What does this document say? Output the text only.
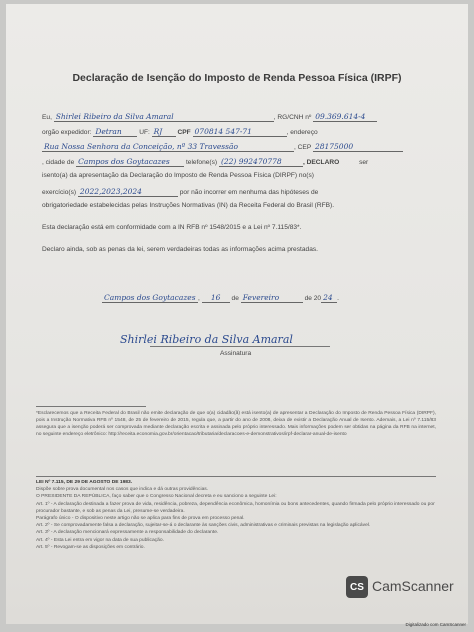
Declaração de Isenção do Imposto de Renda Pessoa Física (IRPF)
Eu, Shirlei Ribeiro da Silva Amaral	, RG/CNH nº 09.369.614-4
orgão expedidor: Detran	UF: RJ CPF 070814 547-71	, endereço
Rua Nossa Senhora da Conceição, nº 33 Travessão	, CEP 28175000
, cidade de Campos dos Goytacazes telefone(s) (22) 992470778	, DECLARO	ser
isento(a) da apresentação da Declaração do Imposto de Renda Pessoa Física (DIRPF) no(s)
exercício(s) 2022,2023,2024	por não incorrer em nenhuma das hipóteses de
obrigatoriedade estabelecidas pelas Instruções Normativas (IN) da Receita Federal do Brasil (RFB).
Esta declaração está em conformidade com a IN RFB nº 1548/2015 e a Lei nº 7.115/83*.
Declaro ainda, sob as penas da lei, serem verdadeiras todas as informações acima prestadas.
Campos dos Goytacazes , 16 de Fevereiro	de 20 24 .
Shirlei Ribeiro da Silva Amaral
Assinatura
*Esclarecemos que a Receita Federal do Brasil não emite declaração de que o(a) cidadão(ã) está isento(a) de apresentar a Declaração do Imposto de Renda Pessoa Física (DIRPF), pois a Instrução Normativa RFB nº 1548, de 25 de fevereiro de 2015, regula que, a partir do ano de 2008, deixa de existir a Declaração Anual de Isento. Ademais, a Lei nº 7.115/83 assegura que a isenção poderá ser comprovada mediante declaração escrita e assinada pelo próprio interessado. Mais informações podem ser obtidas na página da RFB na internet, no seguinte endereço eletrônico: http://receita.economia.gov.br/orientacao/tributaria/declaracoes-e-demonstrativos/irpf-declarar-anual-de-isento
LEI Nº 7.115, DE 29 DE AGOSTO DE 1983.
Dispõe sobre prova documental nos casos que indica e dá outras providências.
O PRESIDENTE DA REPÚBLICA, faço saber que o Congresso Nacional decreta e eu sanciono a seguinte Lei:
Art. 1º - A declaração destinada a fazer prova de vida, residência, pobreza, dependência econômica, homonímia ou bons antecedentes, quando firmada pelo próprio interessado ou por procurador bastante, e sob as penas da Lei, presume-se verdadeira.
Parágrafo único - O dispositivo neste artigo não se aplica para fins de prova em processo penal.
Art. 2º - Se comprovadamente falsa a declaração, sujeitar-se-á o declarante às sanções civis, administrativas e criminais previstas na legislação aplicável.
Art. 3º - A declaração mencionará expressamente a responsabilidade do declarante.
Art. 4º - Esta Lei entra em vigor na data de sua publicação.
Art. 5º - Revogam-se as disposições em contrário.
CS CamScanner
Digitalizado com CamScanner
